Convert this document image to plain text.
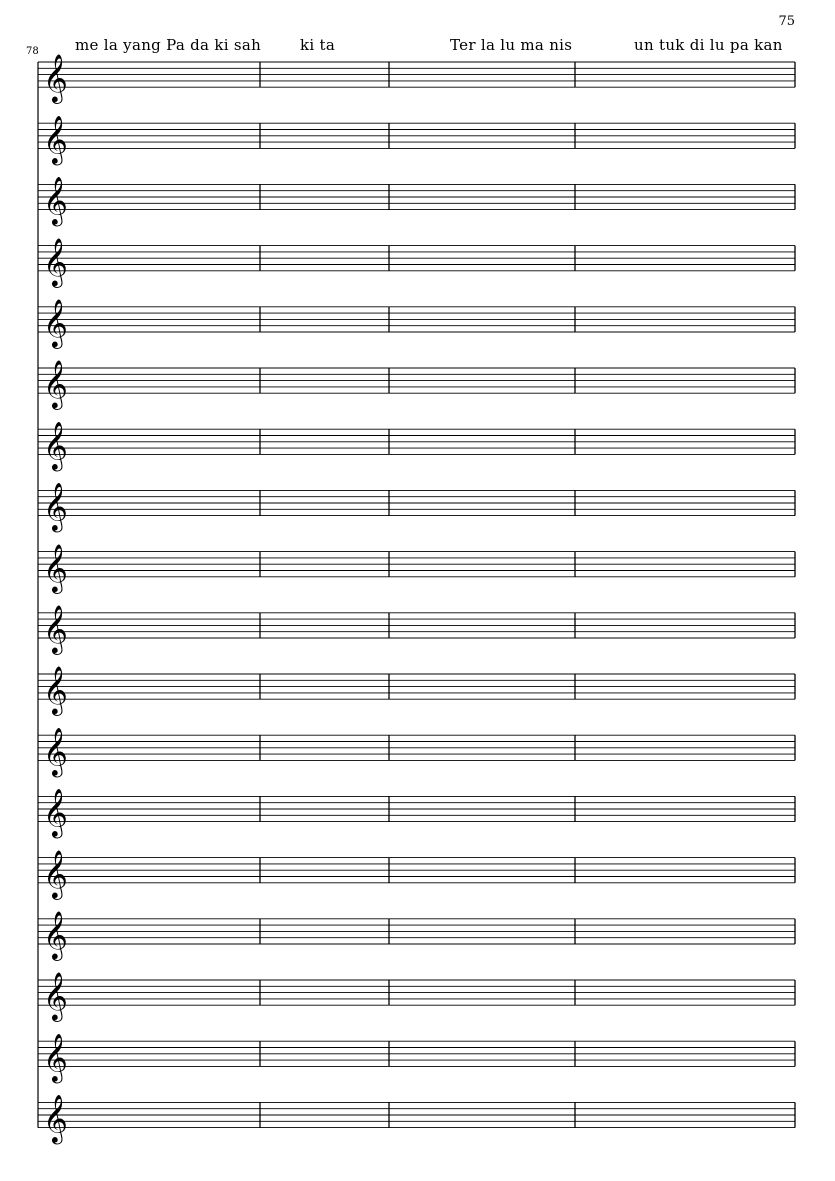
75
78 me la yang Pa da ki sah	ki ta	Ter la lu ma nis	un tuk di lu pa kan
𝄞
𝄞
𝄞
𝄞
𝄞
𝄞
𝄞
𝄞
𝄞
𝄞
𝄞
𝄞
𝄞
𝄞
𝄞
𝄞
𝄞
𝄞
